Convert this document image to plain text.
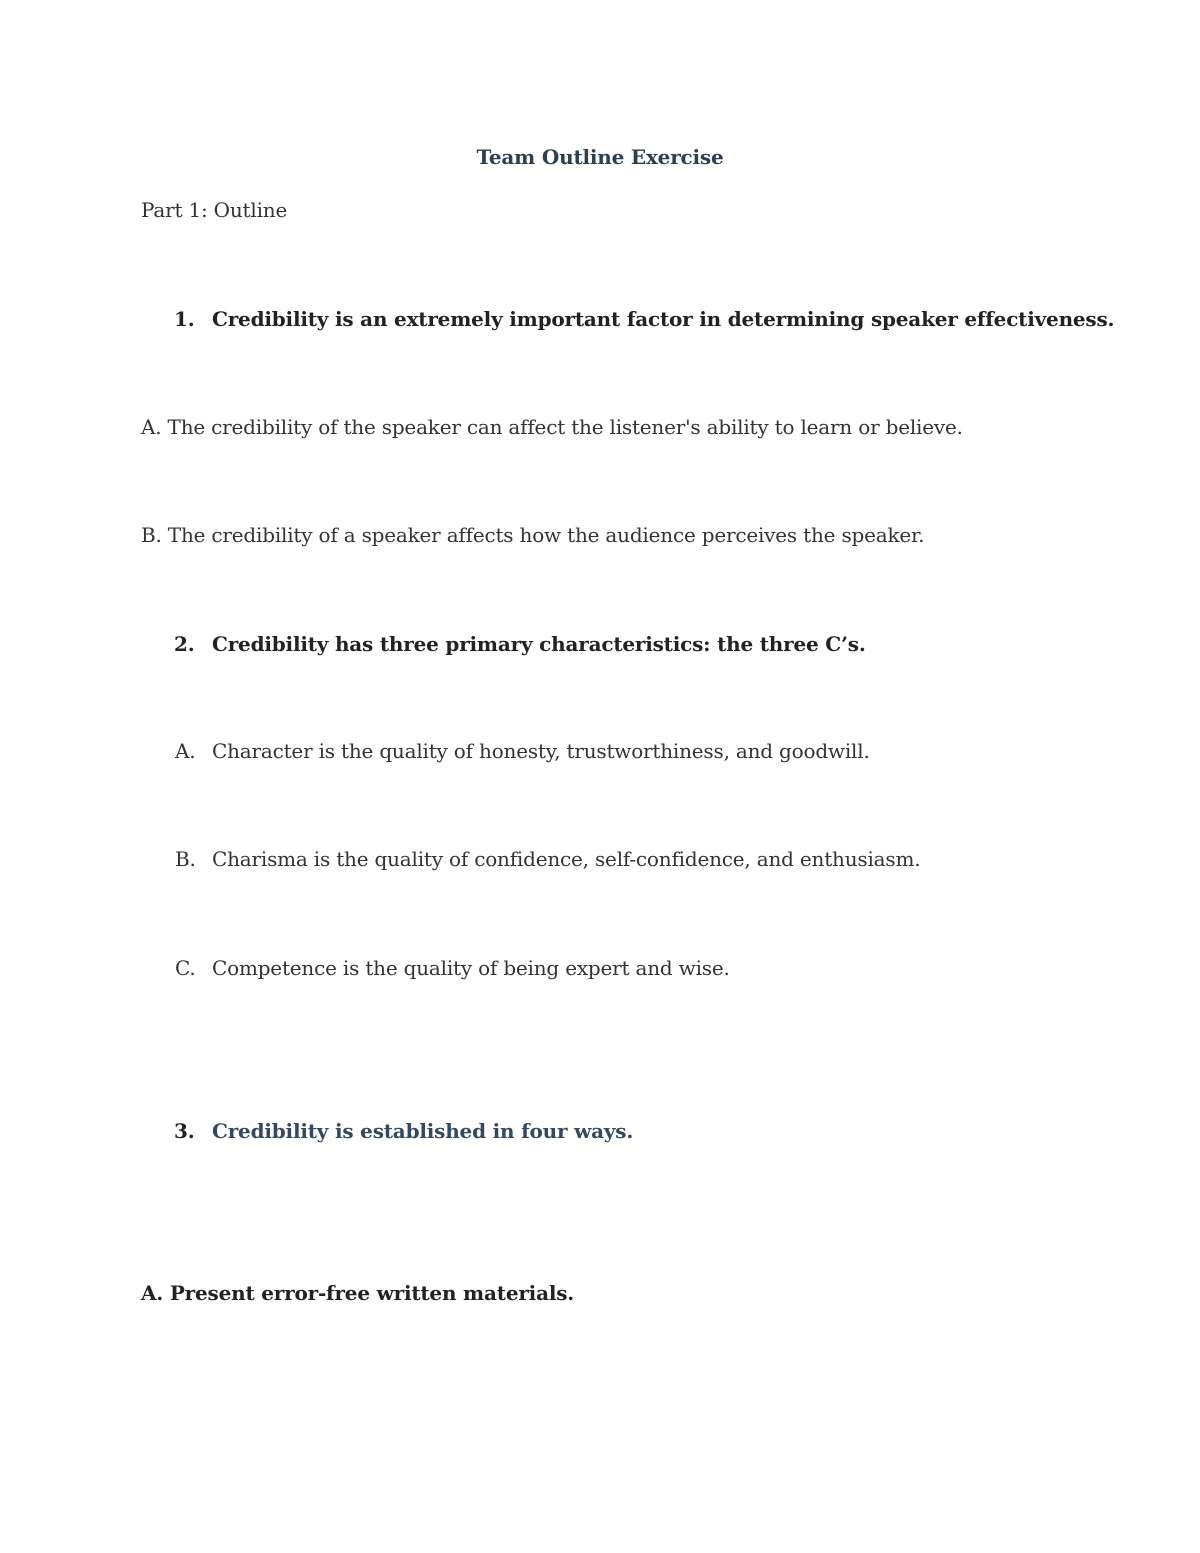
Team Outline Exercise
Part 1: Outline
1. Credibility is an extremely important factor in determining speaker effectiveness.
A. The credibility of the speaker can affect the listener's ability to learn or believe.
B. The credibility of a speaker affects how the audience perceives the speaker.
2. Credibility has three primary characteristics: the three C’s.
A. Character is the quality of honesty, trustworthiness, and goodwill.
B. Charisma is the quality of confidence, self-confidence, and enthusiasm.
C. Competence is the quality of being expert and wise.
3. Credibility is established in four ways.
A. Present error-free written materials.
